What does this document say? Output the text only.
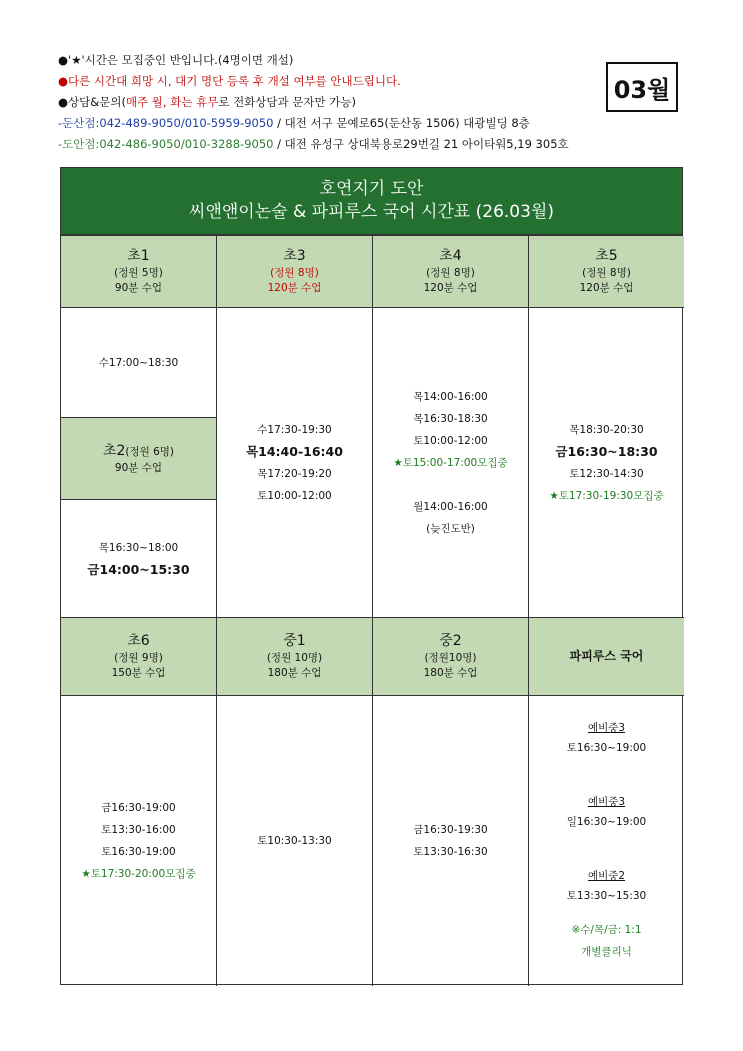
●'★'시간은 모집중인 반입니다.(4명이면 개설)
●다른 시간대 희망 시, 대기 명단 등록 후 개설 여부를 안내드립니다.
●상담&문의(매주 월, 화는 휴무로 전화상담과 문자만 가능)
-둔산점:042-489-9050/010-5959-9050 / 대전 서구 문예로65(둔산동 1506) 대광빌딩 8층
-도안점:042-486-9050/010-3288-9050 / 대전 유성구 상대북용로29번길 21 아이타워5,19 305호
03월
호연지기 도안
씨앤앤이논술 & 파피루스 국어 시간표 (26.03월)
초1
(정원 5명)
90분 수업
초3
(정원 8명)
120분 수업
초4
(정원 8명)
120분 수업
초5
(정원 8명)
120분 수업
수17:00~18:30
초2(정원 6명)
90분 수업
목16:30~18:00
금14:00~15:30
수17:30-19:30
목14:40-16:40
목17:20-19:20
토10:00-12:00
목14:00-16:00
목16:30-18:30
토10:00-12:00
★토15:00-17:00모집중
월14:00-16:00
(늦진도반)
목18:30-20:30
금16:30~18:30
토12:30-14:30
★토17:30-19:30모집중
초6
(정원 9명)
150분 수업
중1
(정원 10명)
180분 수업
중2
(정원10명)
180분 수업
파피루스 국어
금16:30-19:00
토13:30-16:00
토16:30-19:00
★토17:30-20:00모집중
토10:30-13:30
금16:30-19:30
토13:30-16:30
예비중3
토16:30~19:00
예비중3
일16:30~19:00
예비중2
토13:30~15:30
※수/목/금: 1:1
개별클리닉
